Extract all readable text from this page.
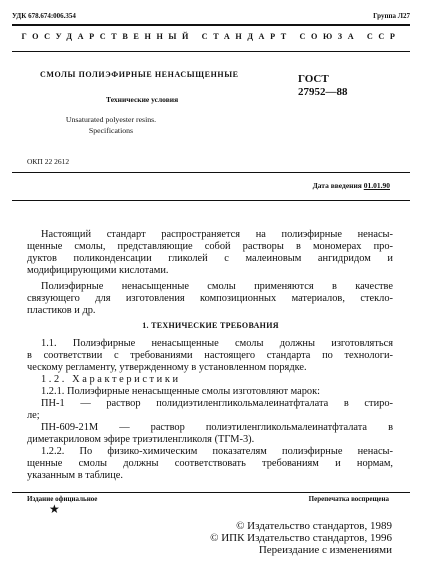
УДК 678.674:006.354	Группа Л27
ГОСУДАРСТВЕННЫЙ СТАНДАРТ СОЮЗА ССР
СМОЛЫ ПОЛИЭФИРНЫЕ НЕНАСЫЩЕННЫЕ	ГОСТ
27952—88
Технические условия
Unsaturated polyester resins.
Specifications
ОКП 22 2612
Дата введения 01.01.90
Настоящий стандарт распространяется на полиэфирные ненасы-
щенные смолы, представляющие собой растворы в мономерах про-
дуктов поликонденсации гликолей с малеиновым ангидридом и
модифицирующими кислотами.
Полиэфирные ненасыщенные смолы применяются в качестве
связующего для изготовления композиционных материалов, стекло-
пластиков и др.
1. ТЕХНИЧЕСКИЕ ТРЕБОВАНИЯ
1.1. Полиэфирные ненасыщенные смолы должны изготовляться
в соответствии с требованиями настоящего стандарта по технологи-
ческому регламенту, утвержденному в установленном порядке.
1.2. Характеристики
1.2.1. Полиэфирные ненасыщенные смолы изготовляют марок:
ПН-1 — раствор полидиэтиленгликольмалеинатфталата в стиро-
ле;
ПН-609-21М — раствор полиэтиленгликольмалеинатфталата в
диметакриловом эфире триэтиленгликоля (ТГМ-3).
1.2.2. По физико-химическим показателям полиэфирные ненасы-
щенные смолы должны соответствовать требованиям и нормам,
указанным в таблице.
Издание официальное	Перепечатка воспрещена
★
© Издательство стандартов, 1989
© ИПК Издательство стандартов, 1996
Переиздание с изменениями
